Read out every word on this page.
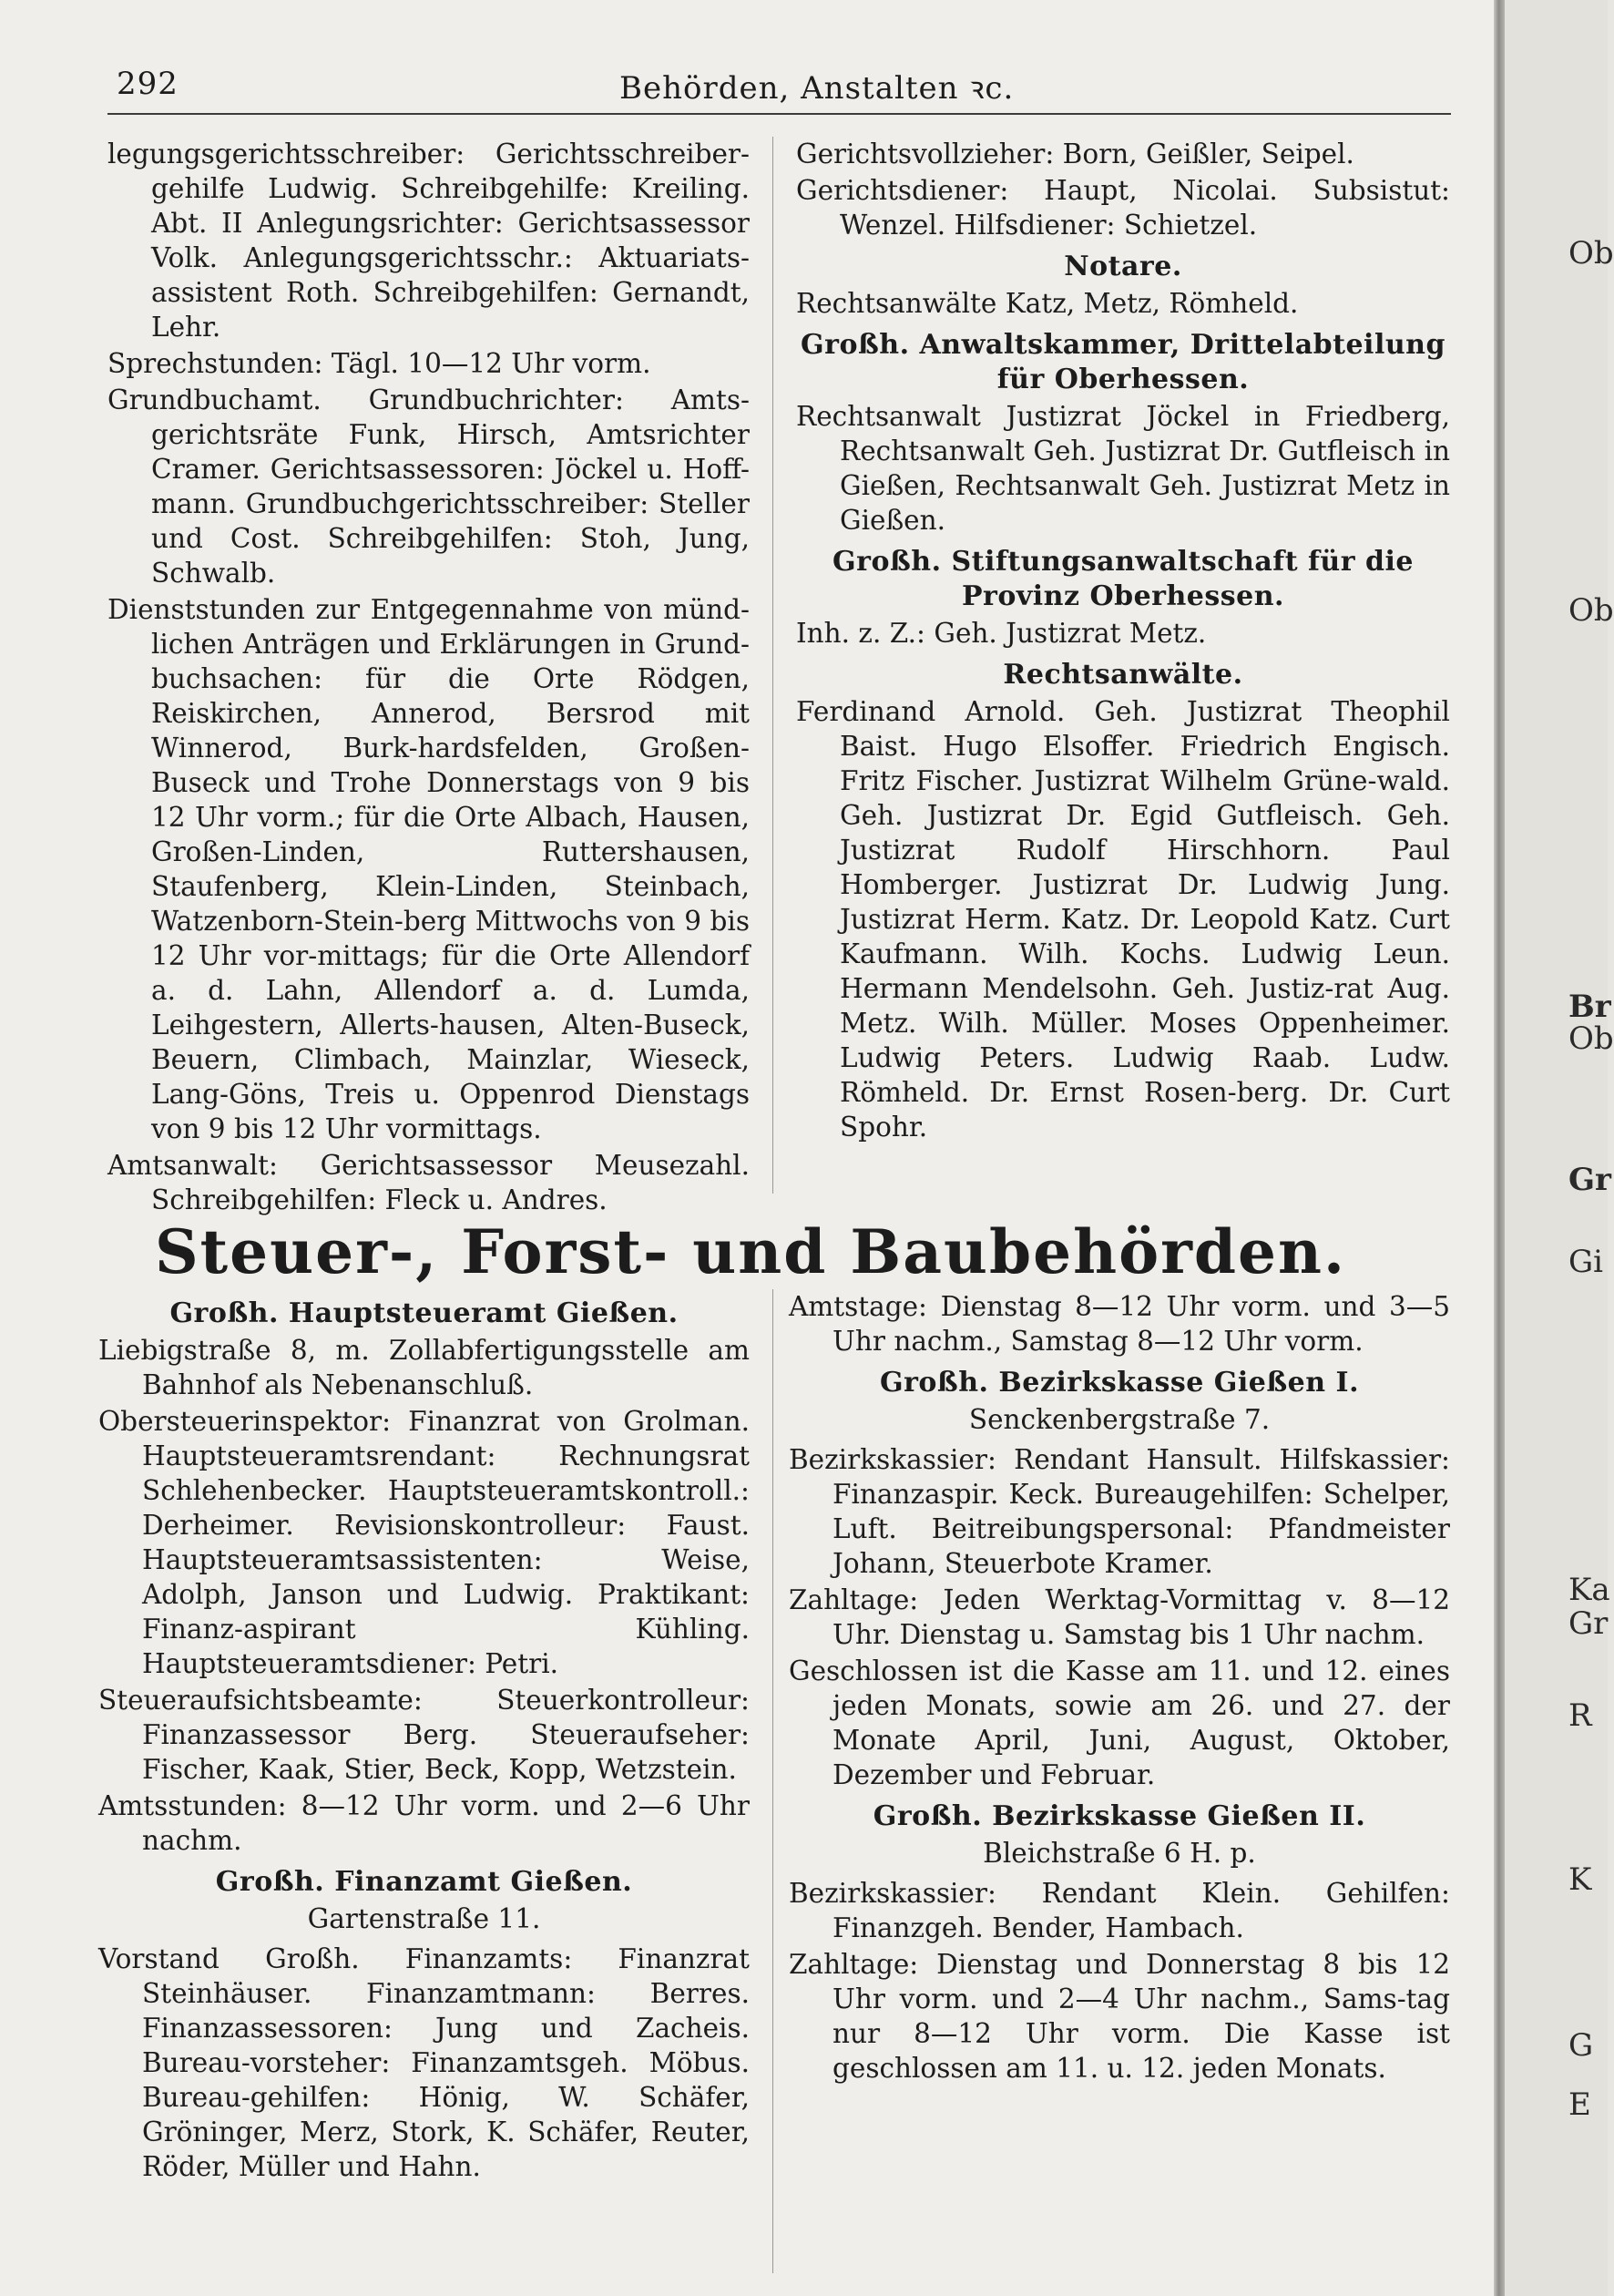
292	Behörden, Anstalten ꝛc.

legungsgerichtsschreiber: Gerichtsschreiber-gehilfe Ludwig. Schreibgehilfe: Kreiling. Abt. II Anlegungsrichter: Gerichtsassessor Volk. Anlegungsgerichtsschr.: Aktuariats-assistent Roth. Schreibgehilfen: Gernandt, Lehr.

Sprechstunden: Tägl. 10—12 Uhr vorm.

Grundbuchamt. Grundbuchrichter: Amts-gerichtsräte Funk, Hirsch, Amtsrichter Cramer. Gerichtsassessoren: Jöckel u. Hoff-mann. Grundbuchgerichtsschreiber: Steller und Cost. Schreibgehilfen: Stoh, Jung, Schwalb.

Dienststunden zur Entgegennahme von münd-lichen Anträgen und Erklärungen in Grund-buchsachen: für die Orte Rödgen, Reiskirchen, Annerod, Bersrod mit Winnerod, Burk-hardsfelden, Großen-Buseck und Trohe Donnerstags von 9 bis 12 Uhr vorm.; für die Orte Albach, Hausen, Großen-Linden, Ruttershausen, Staufenberg, Klein-Linden, Steinbach, Watzenborn-Stein-berg Mittwochs von 9 bis 12 Uhr vor-mittags; für die Orte Allendorf a. d. Lahn, Allendorf a. d. Lumda, Leihgestern, Allerts-hausen, Alten-Buseck, Beuern, Climbach, Mainzlar, Wieseck, Lang-Göns, Treis u. Oppenrod Dienstags von 9 bis 12 Uhr vormittags.

Amtsanwalt: Gerichtsassessor Meusezahl. Schreibgehilfen: Fleck u. Andres.

Gerichtsvollzieher: Born, Geißler, Seipel.

Gerichtsdiener: Haupt, Nicolai. Subsistut: Wenzel. Hilfsdiener: Schietzel.

Notare.

Rechtsanwälte Katz, Metz, Römheld.

Großh. Anwaltskammer, Drittelabteilung für Oberhessen.

Rechtsanwalt Justizrat Jöckel in Friedberg, Rechtsanwalt Geh. Justizrat Dr. Gutfleisch in Gießen, Rechtsanwalt Geh. Justizrat Metz in Gießen.

Großh. Stiftungsanwaltschaft für die Provinz Oberhessen.

Inh. z. Z.: Geh. Justizrat Metz.

Rechtsanwälte.

Ferdinand Arnold. Geh. Justizrat Theophil Baist. Hugo Elsoffer. Friedrich Engisch. Fritz Fischer. Justizrat Wilhelm Grüne-wald. Geh. Justizrat Dr. Egid Gutfleisch. Geh. Justizrat Rudolf Hirschhorn. Paul Homberger. Justizrat Dr. Ludwig Jung. Justizrat Herm. Katz. Dr. Leopold Katz. Curt Kaufmann. Wilh. Kochs. Ludwig Leun. Hermann Mendelsohn. Geh. Justiz-rat Aug. Metz. Wilh. Müller. Moses Oppenheimer. Ludwig Peters. Ludwig Raab. Ludw. Römheld. Dr. Ernst Rosen-berg. Dr. Curt Spohr.

Steuer-, Forst- und Baubehörden.
Großh. Hauptsteueramt Gießen.

Liebigstraße 8, m. Zollabfertigungsstelle am Bahnhof als Nebenanschluß.

Obersteuerinspektor: Finanzrat von Grolman. Hauptsteueramtsrendant: Rechnungsrat Schlehenbecker. Hauptsteueramtskontroll.: Derheimer. Revisionskontrolleur: Faust. Hauptsteueramtsassistenten: Weise, Adolph, Janson und Ludwig. Praktikant: Finanz-aspirant Kühling. Hauptsteueramtsdiener: Petri.

Steueraufsichtsbeamte: Steuerkontrolleur: Finanzassessor Berg. Steueraufseher: Fischer, Kaak, Stier, Beck, Kopp, Wetzstein.

Amtsstunden: 8—12 Uhr vorm. und 2—6 Uhr nachm.

Großh. Finanzamt Gießen.
Gartenstraße 11.

Vorstand Großh. Finanzamts: Finanzrat Steinhäuser. Finanzamtmann: Berres. Finanzassessoren: Jung und Zacheis. Bureau-vorsteher: Finanzamtsgeh. Möbus. Bureau-gehilfen: Hönig, W. Schäfer, Gröninger, Merz, Stork, K. Schäfer, Reuter, Röder, Müller und Hahn.

Amtstage: Dienstag 8—12 Uhr vorm. und 3—5 Uhr nachm., Samstag 8—12 Uhr vorm.

Großh. Bezirkskasse Gießen I.
Senckenbergstraße 7.

Bezirkskassier: Rendant Hansult. Hilfskassier: Finanzaspir. Keck. Bureaugehilfen: Schelper, Luft. Beitreibungspersonal: Pfandmeister Johann, Steuerbote Kramer.

Zahltage: Jeden Werktag-Vormittag v. 8—12 Uhr. Dienstag u. Samstag bis 1 Uhr nachm.

Geschlossen ist die Kasse am 11. und 12. eines jeden Monats, sowie am 26. und 27. der Monate April, Juni, August, Oktober, Dezember und Februar.

Großh. Bezirkskasse Gießen II.
Bleichstraße 6 H. p.

Bezirkskassier: Rendant Klein. Gehilfen: Finanzgeh. Bender, Hambach.

Zahltage: Dienstag und Donnerstag 8 bis 12 Uhr vorm. und 2—4 Uhr nachm., Sams-tag nur 8—12 Uhr vorm. Die Kasse ist geschlossen am 11. u. 12. jeden Monats.

Ob
Ob
Br
Ob
Gr
Gi
Ka
Gr
R
K
G
E
